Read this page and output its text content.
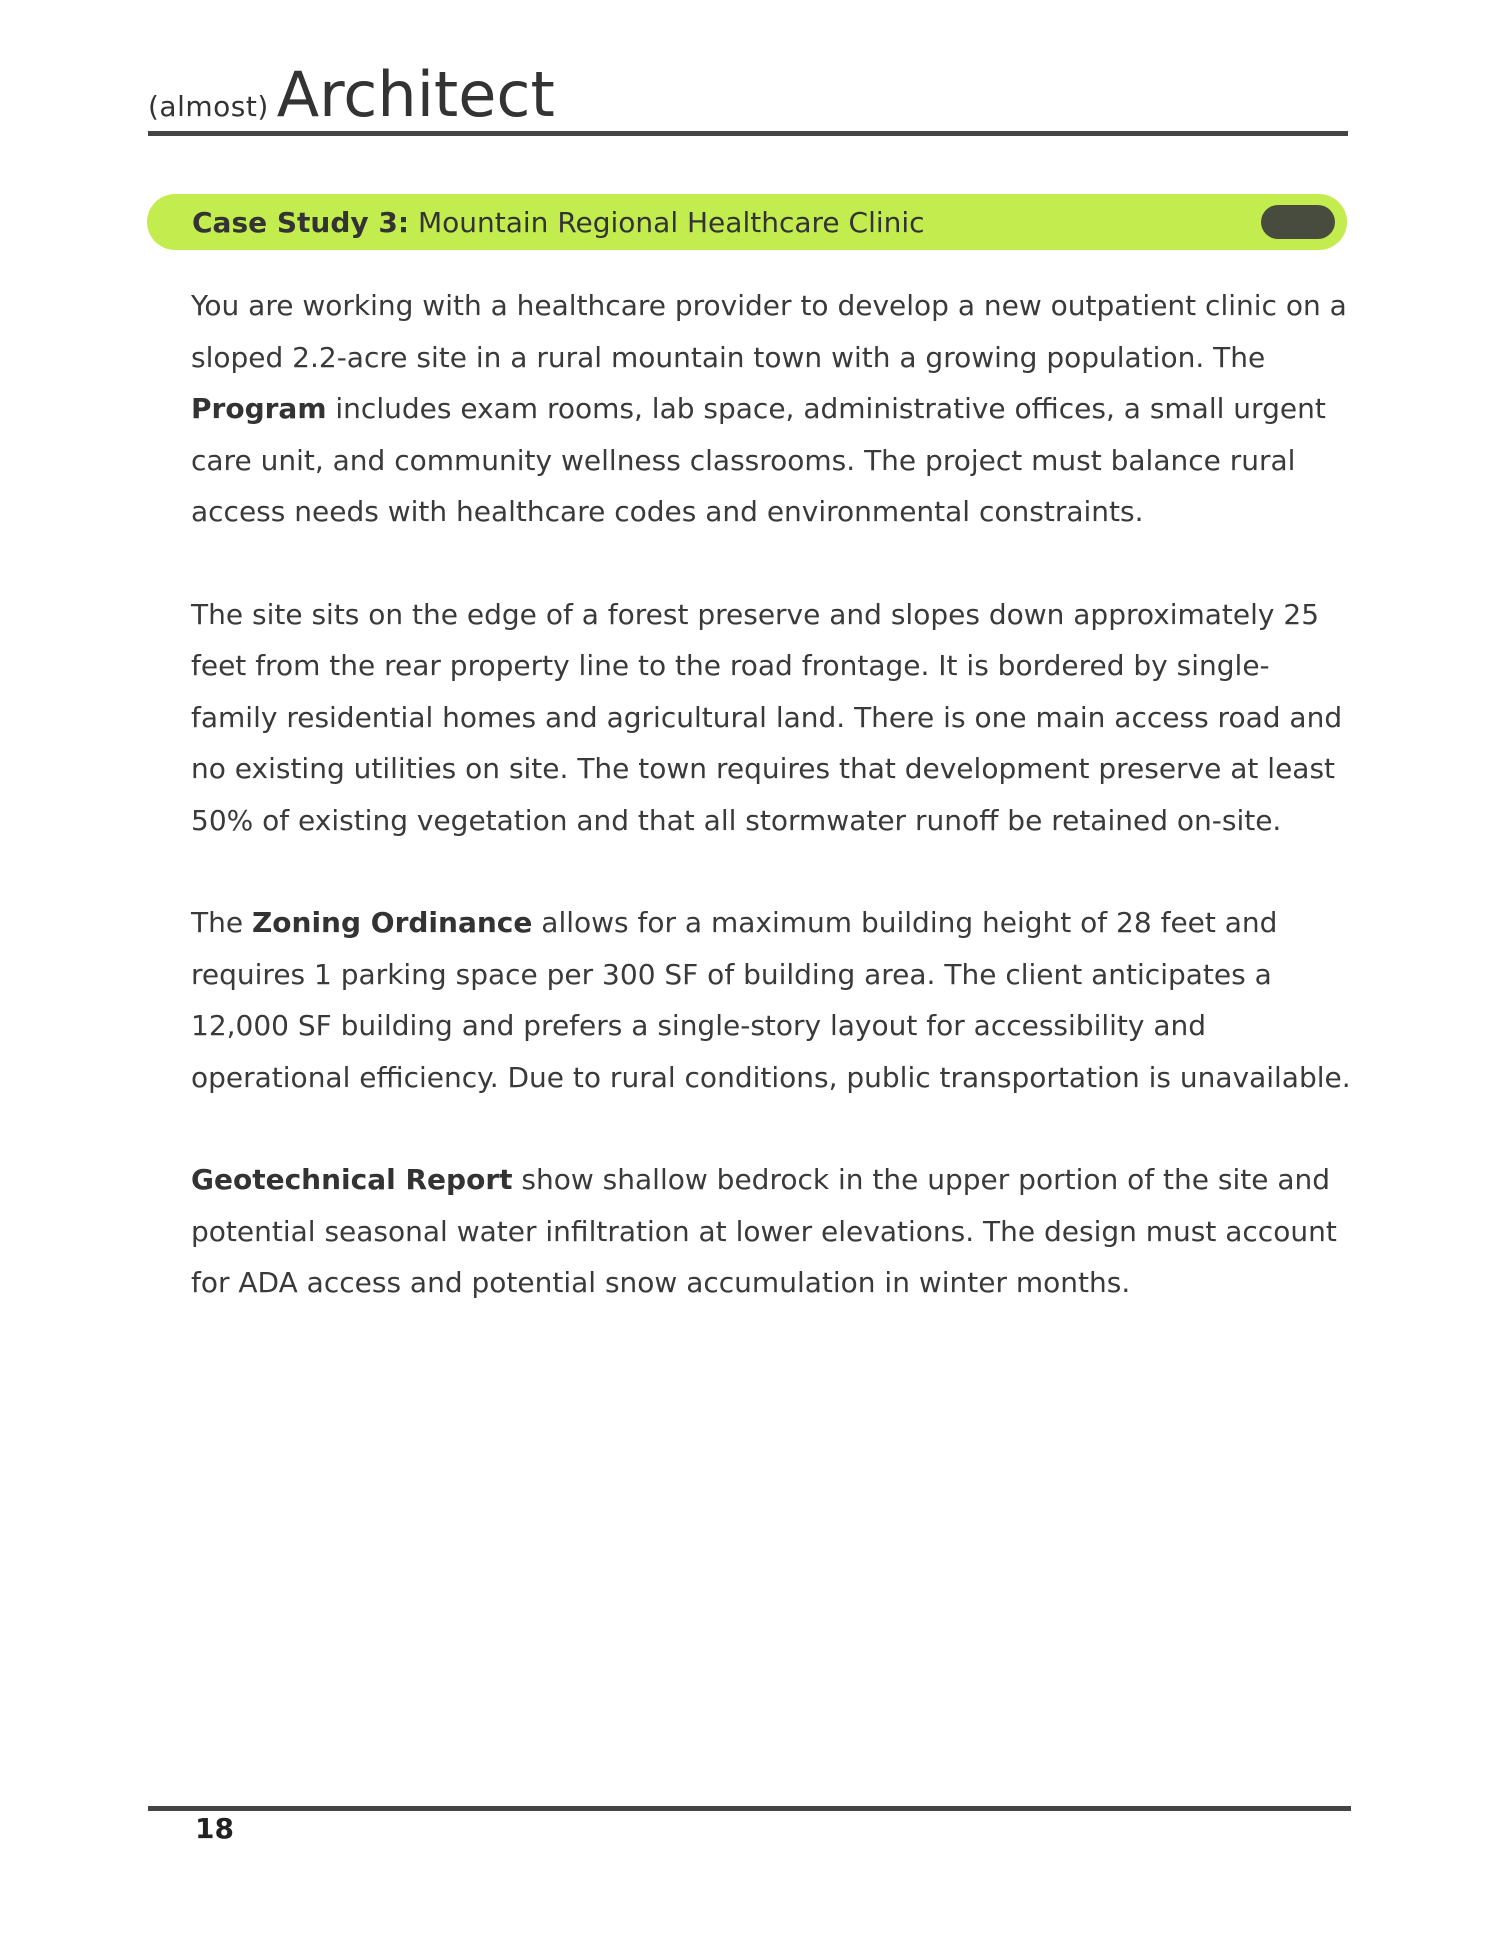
(almost) Architect
Case Study 3: Mountain Regional Healthcare Clinic

You are working with a healthcare provider to develop a new outpatient clinic on a sloped 2.2-acre site in a rural mountain town with a growing population. The Program includes exam rooms, lab space, administrative offices, a small urgent care unit, and community wellness classrooms. The project must balance rural access needs with healthcare codes and environmental constraints.

The site sits on the edge of a forest preserve and slopes down approximately 25 feet from the rear property line to the road frontage. It is bordered by single-family residential homes and agricultural land. There is one main access road and no existing utilities on site. The town requires that development preserve at least 50% of existing vegetation and that all stormwater runoff be retained on-site.

The Zoning Ordinance allows for a maximum building height of 28 feet and requires 1 parking space per 300 SF of building area. The client anticipates a 12,000 SF building and prefers a single-story layout for accessibility and operational efficiency. Due to rural conditions, public transportation is unavailable.

Geotechnical Report show shallow bedrock in the upper portion of the site and potential seasonal water infiltration at lower elevations. The design must account for ADA access and potential snow accumulation in winter months.

18
